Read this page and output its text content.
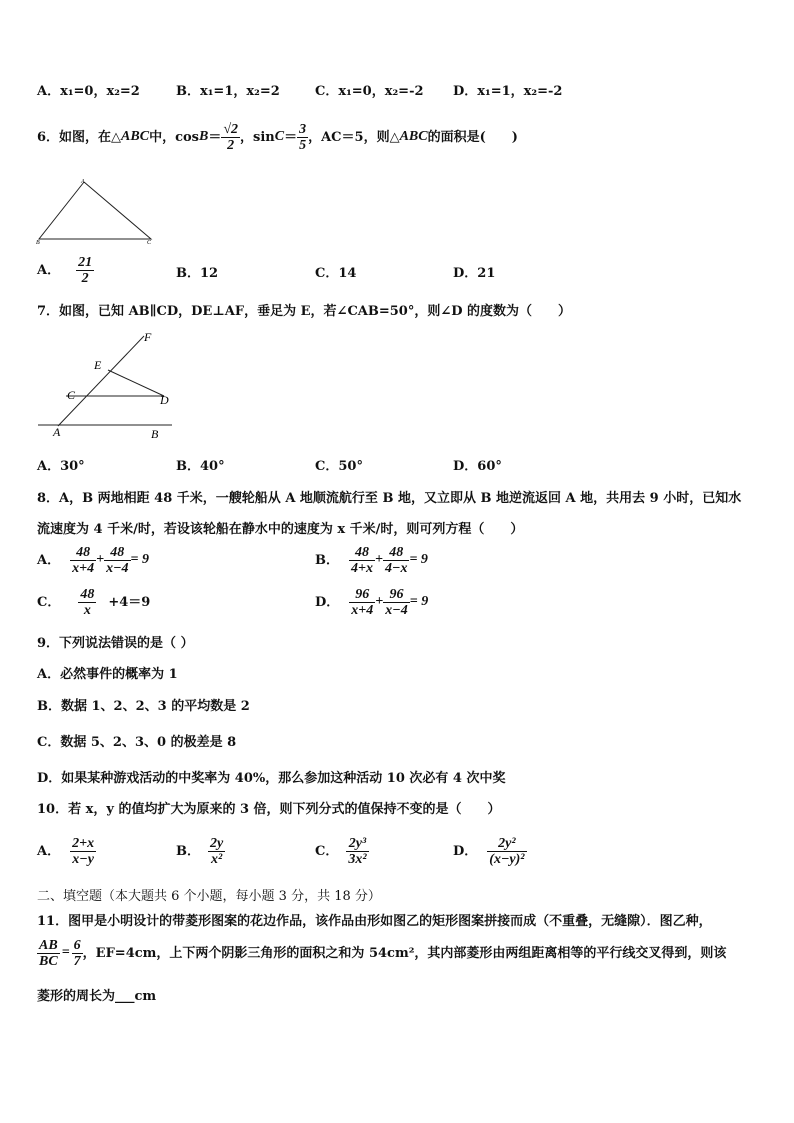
A．x₁=0，x₂=2	B．x₁=1，x₂=2	C．x₁=0，x₂=-2 D．x₁=1，x₂=-2
6．如图，在△ ABC 中，$\cos B = \frac{√2}{2}$ ，$\sin C = \frac{3}{5}$ ，AC＝5，则△ ABC 的面积是(　　)
A
B	C
A． $\frac{21}{2}$	B．12	C．14	D．21
7．如图，已知 AB∥CD，DE⊥AF，垂足为 E，若∠CAB=50°，则∠D 的度数为（　　）
F
E
C	D
A	B
A．30°	B．40°	C．50°	D．60°
8．A，B 两地相距 48 千米，一艘轮船从 A 地顺流航行至 B 地，又立即从 B 地逆流返回 A 地，共用去 9 小时，已知水
流速度为 4 千米/时，若设该轮船在静水中的速度为 x 千米/时，则可列方程（　　）
A． $\frac{48}{x+4} + \frac{48}{x-4} = 9$	B． $\frac{48}{4+x} + \frac{48}{4-x} = 9$
C． $\frac{48}{x} +4=9$	D． $\frac{96}{x+4} + \frac{96}{x-4} = 9$
9．下列说法错误的是（ ）
A．必然事件的概率为 1
B．数据 1、2、2、3 的平均数是 2
C．数据 5、2、3、0 的极差是 8
D．如果某种游戏活动的中奖率为 40%，那么参加这种活动 10 次必有 4 次中奖
10．若 x，y 的值均扩大为原来的 3 倍，则下列分式的值保持不变的是（　　）
A． $\frac{2+x}{x-y}$	B． $\frac{2y}{\text{x²}}$	C． $\frac{\text{2y³}}{\text{3x²}}$	D． $\frac{\text{2y²}}{\text{(x−y)²}}$
二、填空题（本大题共 6 个小题，每小题 3 分，共 18 分）
11．图甲是小明设计的带菱形图案的花边作品，该作品由形如图乙的矩形图案拼接而成（不重叠，无缝隙）．图乙种，
$\frac{AB}{BC} = \frac{6}{7}$ ，EF=4cm，上下两个阴影三角形的面积之和为 54cm²，其内部菱形由两组距离相等的平行线交叉得到，则该
菱形的周长为___cm
